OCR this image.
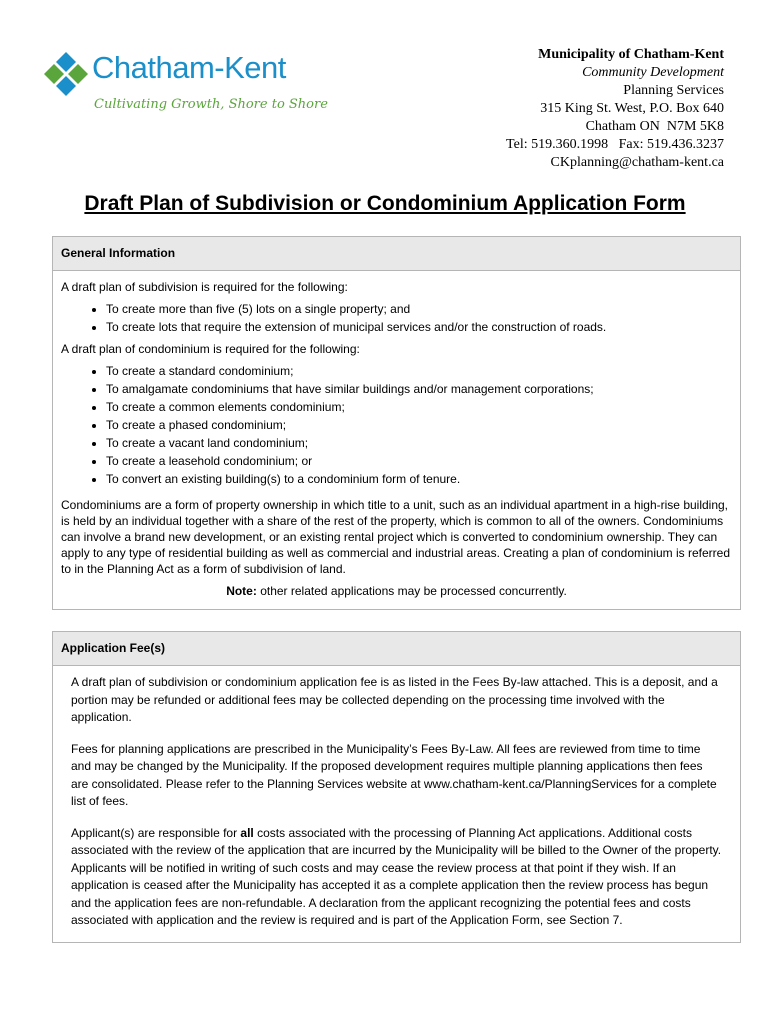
Chatham-Kent
Cultivating Growth, Shore to Shore
Municipality of Chatham-Kent
Community Development
Planning Services
315 King St. West, P.O. Box 640
Chatham ON  N7M 5K8
Tel: 519.360.1998   Fax: 519.436.3237
CKplanning@chatham-kent.ca
Draft Plan of Subdivision or Condominium Application Form
General Information

A draft plan of subdivision is required for the following:

• To create more than five (5) lots on a single property; and
• To create lots that require the extension of municipal services and/or the construction of roads.

A draft plan of condominium is required for the following:

• To create a standard condominium;
• To amalgamate condominiums that have similar buildings and/or management corporations;
• To create a common elements condominium;
• To create a phased condominium;
• To create a vacant land condominium;
• To create a leasehold condominium; or
• To convert an existing building(s) to a condominium form of tenure.

Condominiums are a form of property ownership in which title to a unit, such as an individual apartment in a high-rise building, is held by an individual together with a share of the rest of the property, which is common to all of the owners. Condominiums can involve a brand new development, or an existing rental project which is converted to condominium ownership. They can apply to any type of residential building as well as commercial and industrial areas. Creating a plan of condominium is referred to in the Planning Act as a form of subdivision of land.

Note: other related applications may be processed concurrently.

Application Fee(s)

A draft plan of subdivision or condominium application fee is as listed in the Fees By-law attached. This is a deposit, and a portion may be refunded or additional fees may be collected depending on the processing time involved with the application.

Fees for planning applications are prescribed in the Municipality’s Fees By-Law. All fees are reviewed from time to time and may be changed by the Municipality. If the proposed development requires multiple planning applications then fees are consolidated. Please refer to the Planning Services website at www.chatham-kent.ca/PlanningServices for a complete list of fees.

Applicant(s) are responsible for all costs associated with the processing of Planning Act applications. Additional costs associated with the review of the application that are incurred by the Municipality will be billed to the Owner of the property. Applicants will be notified in writing of such costs and may cease the review process at that point if they wish. If an application is ceased after the Municipality has accepted it as a complete application then the review process has begun and the application fees are non-refundable. A declaration from the applicant recognizing the potential fees and costs associated with application and the review is required and is part of the Application Form, see Section 7.
